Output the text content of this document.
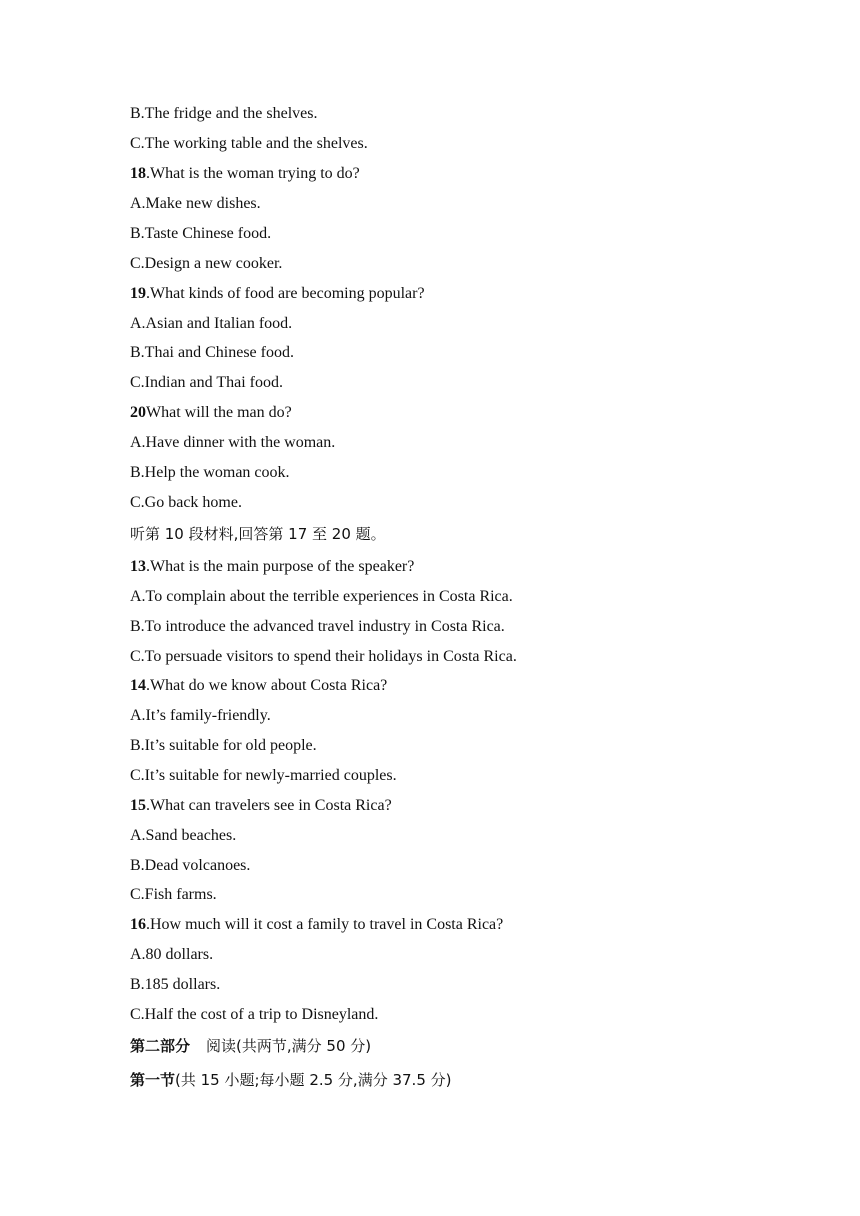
B.The fridge and the shelves.
C.The working table and the shelves.
18.What is the woman trying to do?
A.Make new dishes.
B.Taste Chinese food.
C.Design a new cooker.
19.What kinds of food are becoming popular?
A.Asian and Italian food.
B.Thai and Chinese food.
C.Indian and Thai food.
20What will the man do?
A.Have dinner with the woman.
B.Help the woman cook.
C.Go back home.
听第 10 段材料,回答第 17 至 20 题。
13.What is the main purpose of the speaker?
A.To complain about the terrible experiences in Costa Rica.
B.To introduce the advanced travel industry in Costa Rica.
C.To persuade visitors to spend their holidays in Costa Rica.
14.What do we know about Costa Rica?
A.It’s family-friendly.
B.It’s suitable for old people.
C.It’s suitable for newly-married couples.
15.What can travelers see in Costa Rica?
A.Sand beaches.
B.Dead volcanoes.
C.Fish farms.
16.How much will it cost a family to travel in Costa Rica?
A.80 dollars.
B.185 dollars.
C.Half the cost of a trip to Disneyland.
第二部分 阅读(共两节,满分 50 分)
第一节(共 15 小题;每小题 2.5 分,满分 37.5 分)
